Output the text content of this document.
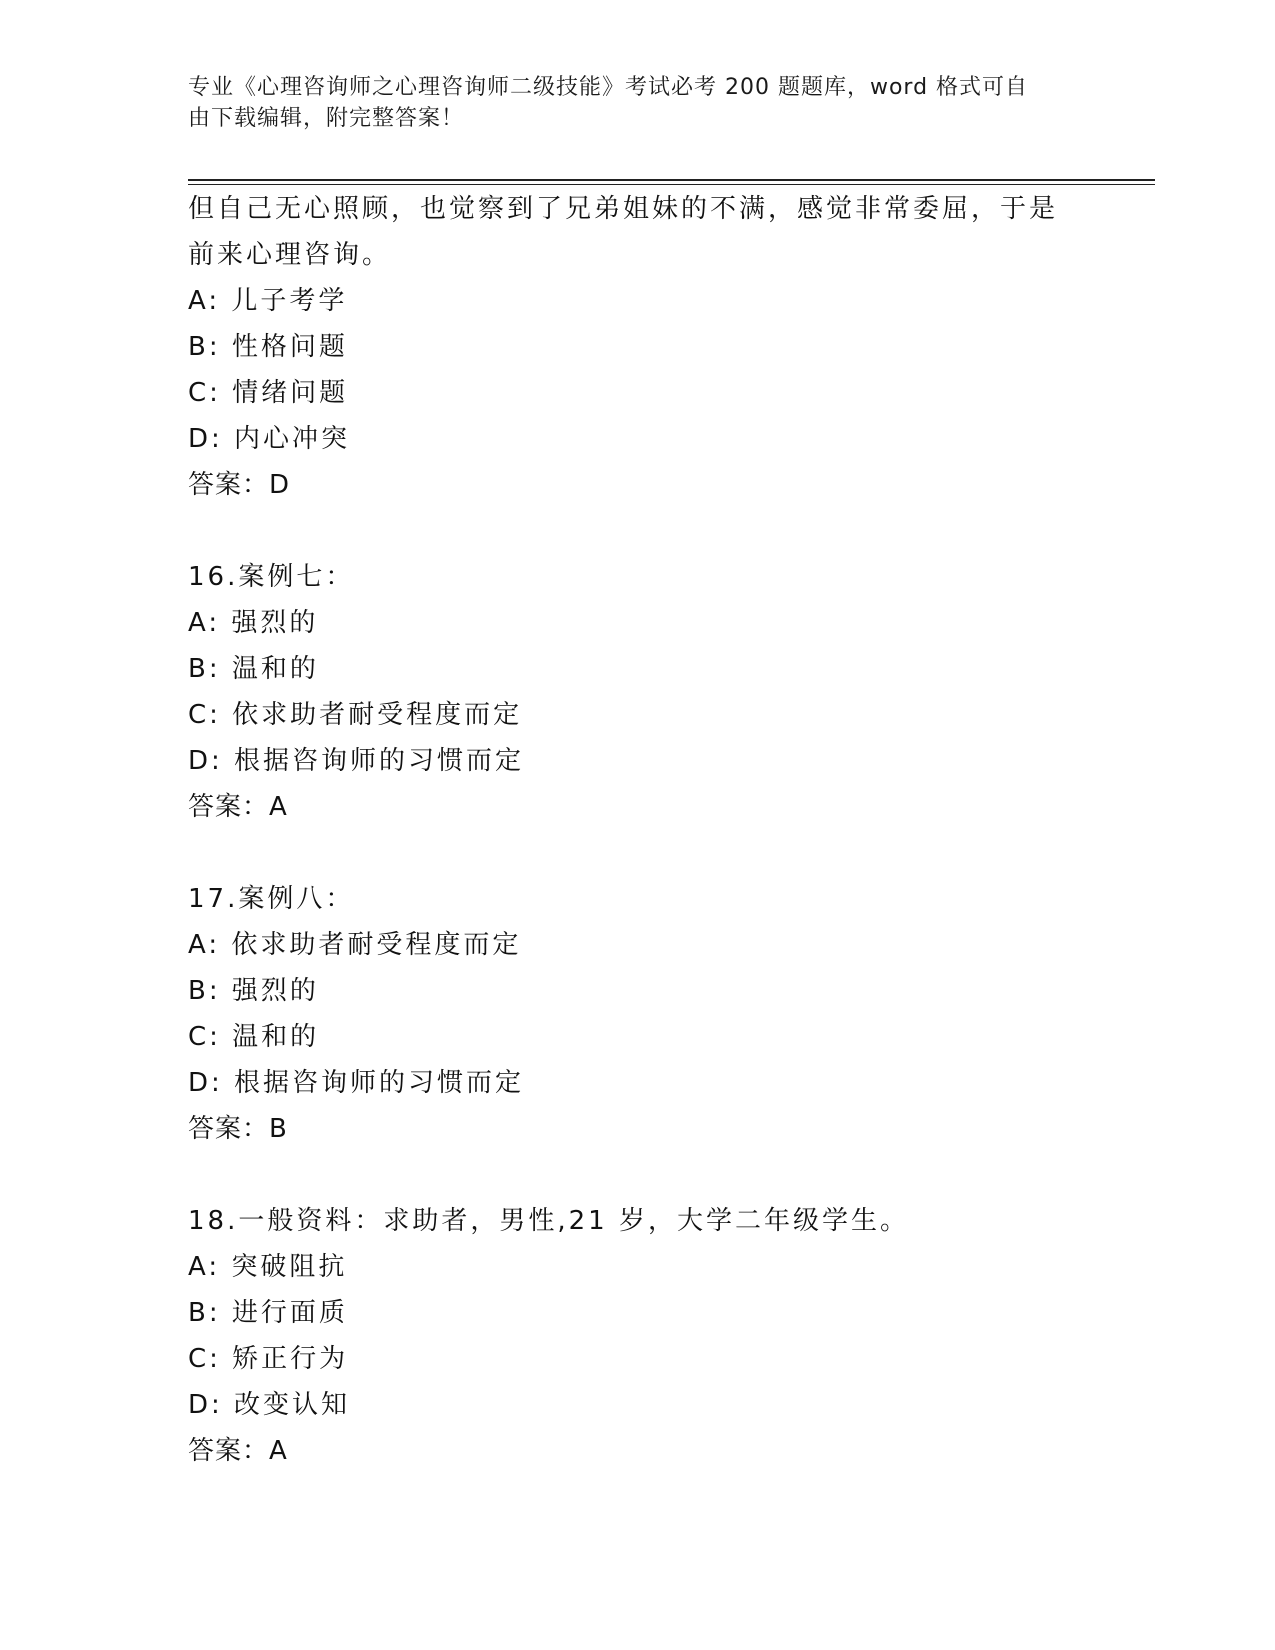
专业《心理咨询师之心理咨询师二级技能》考试必考 200 题题库，word 格式可自
由下载编辑，附完整答案！
但自己无心照顾，也觉察到了兄弟姐妹的不满，感觉非常委屈，于是
前来心理咨询。
A: 儿子考学
B: 性格问题
C: 情绪问题
D: 内心冲突
答案：D
16.案例七：
A: 强烈的
B: 温和的
C: 依求助者耐受程度而定
D: 根据咨询师的习惯而定
答案：A
17.案例八：
A: 依求助者耐受程度而定
B: 强烈的
C: 温和的
D: 根据咨询师的习惯而定
答案：B
18.一般资料：求助者，男性,21 岁，大学二年级学生。
A: 突破阻抗
B: 进行面质
C: 矫正行为
D: 改变认知
答案：A
